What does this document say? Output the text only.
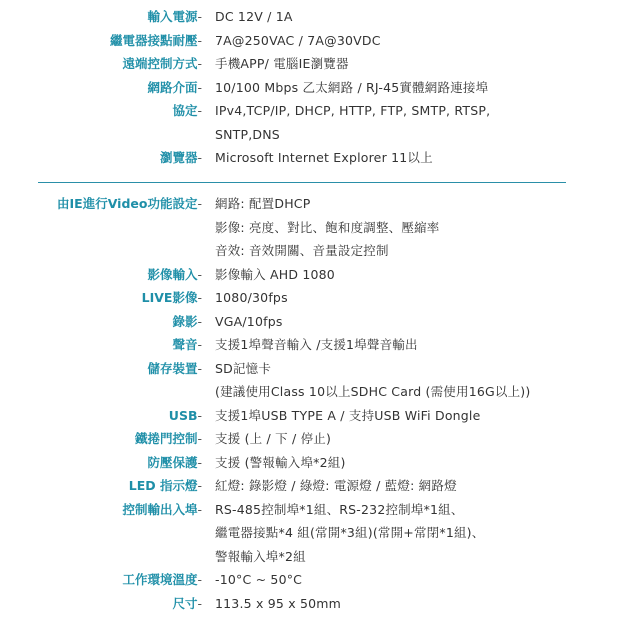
輸入電源- DC 12V / 1A
繼電器接點耐壓- 7A@250VAC / 7A@30VDC
遠端控制方式- 手機APP/ 電腦IE瀏覽器
網路介面- 10/100 Mbps 乙太網路 / RJ-45實體網路連接埠
協定- IPv4,TCP/IP, DHCP, HTTP, FTP, SMTP, RTSP,
SNTP,DNS
瀏覽器- Microsoft Internet Explorer 11以上
由IE進行Video功能設定- 網路: 配置DHCP
影像: 亮度、對比、飽和度調整、壓縮率
音效: 音效開關、音量設定控制
影像輸入- 影像輸入 AHD 1080
LIVE影像- 1080/30fps
錄影- VGA/10fps
聲音- 支援1埠聲音輸入 /支援1埠聲音輸出
儲存裝置- SD記憶卡
(建議使用Class 10以上SDHC Card (需使用16G以上))
USB- 支援1埠USB TYPE A / 支持USB WiFi Dongle
鐵捲門控制- 支援 (上 / 下 / 停止)
防壓保護- 支援 (警報輸入埠*2組)
LED 指示燈- 紅燈: 錄影燈 / 綠燈: 電源燈 / 藍燈: 網路燈
控制輸出入埠- RS-485控制埠*1組、RS-232控制埠*1組、
繼電器接點*4 組(常開*3組)(常開+常閉*1組)、
警報輸入埠*2組
工作環境溫度- -10°C ~ 50°C
尺寸- 113.5 x 95 x 50mm
